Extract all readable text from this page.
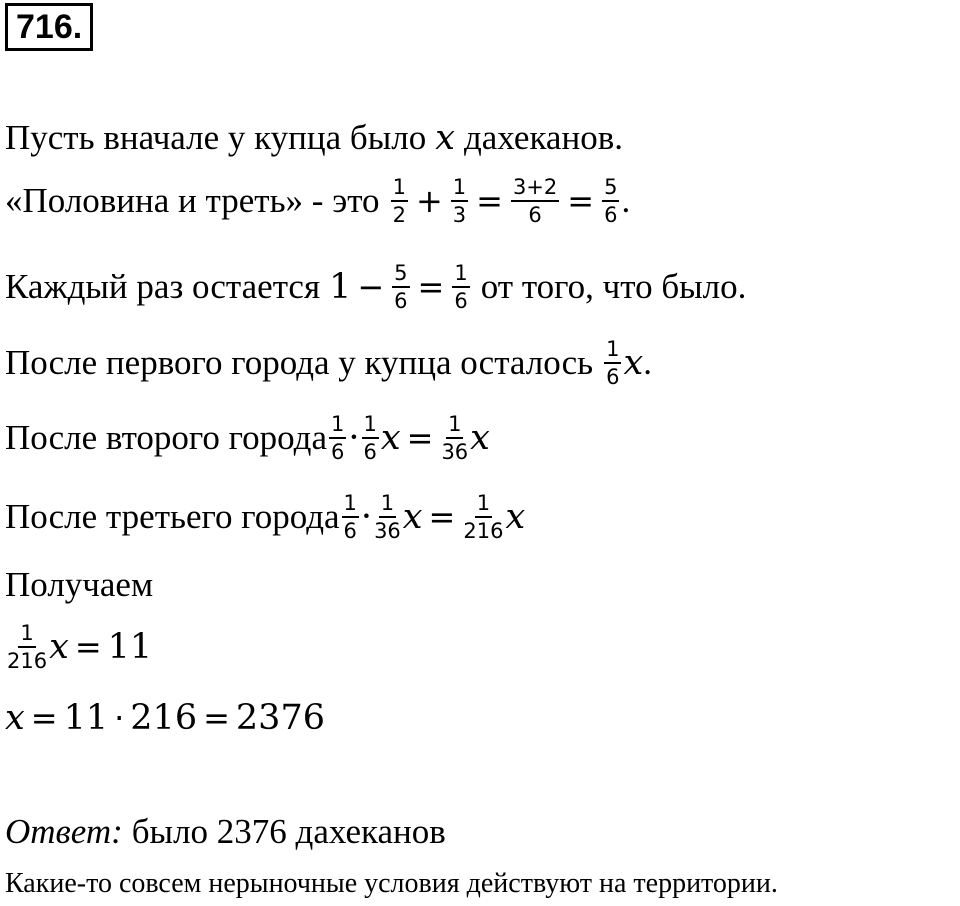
716.
Пусть вначале у купца было x дахеканов.
«Половина и треть» - это $\frac{1}{2} + \frac{1}{3} = \frac{3+2}{6} = \frac{5}{6}$ .
Каждый раз остается $1 - \frac{5}{6} = \frac{1}{6}$ от того, что было.
После первого города у купца осталось $\frac{1}{6}$ x .
После второго города $\frac{1}{6} \cdot \frac{1}{6}$ $x = \frac{1}{36}$ x
После третьего города $\frac{1}{6} \cdot \frac{1}{36}$ $x = \frac{1}{216}$ x
Получаем
$\frac{1}{216}$ x = 11
x = 11 · 216 = 2376
Ответ: было 2376 дахеканов
Какие-то совсем нерыночные условия действуют на территории.
